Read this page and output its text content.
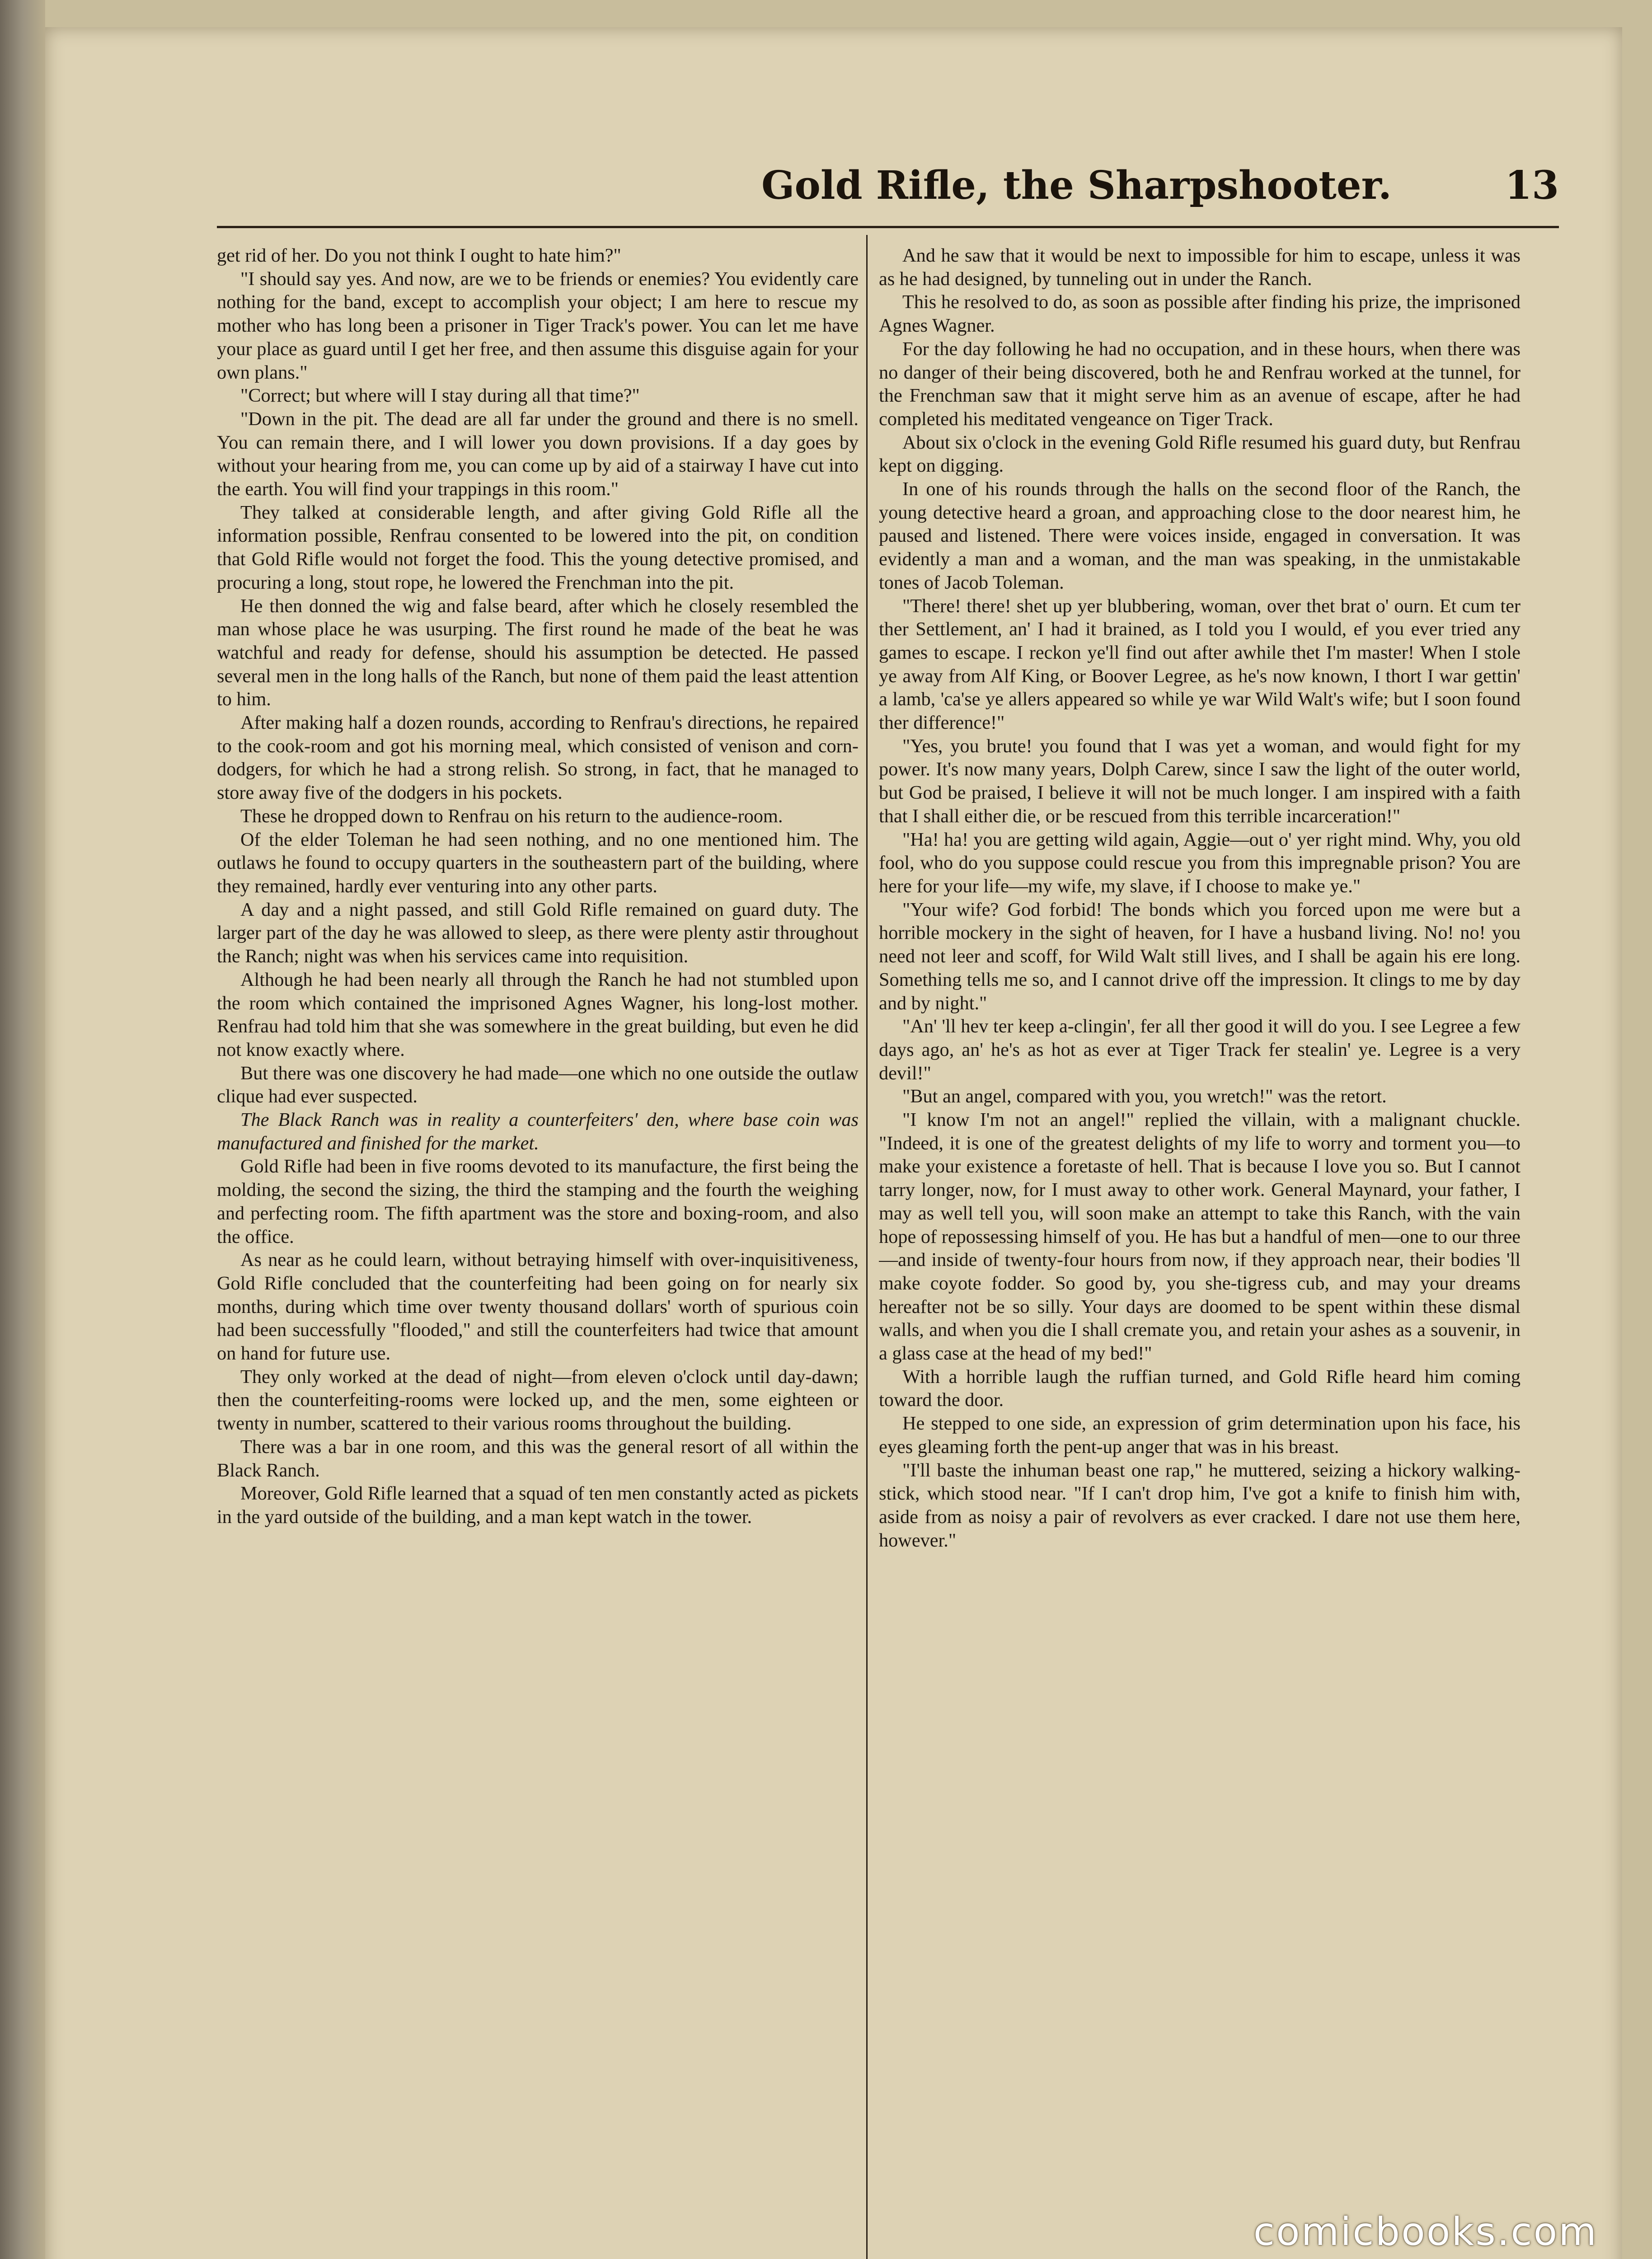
Gold Rifle, the Sharpshooter.	13

get rid of her. Do you not think I ought to hate him?"

"I should say yes. And now, are we to be friends or enemies? You evidently care nothing for the band, except to accomplish your object; I am here to rescue my mother who has long been a prisoner in Tiger Track's power. You can let me have your place as guard until I get her free, and then assume this disguise again for your own plans."

"Correct; but where will I stay during all that time?"

"Down in the pit. The dead are all far under the ground and there is no smell. You can remain there, and I will lower you down provisions. If a day goes by without your hearing from me, you can come up by aid of a stairway I have cut into the earth. You will find your trappings in this room."

They talked at considerable length, and after giving Gold Rifle all the information possible, Renfrau consented to be lowered into the pit, on condition that Gold Rifle would not forget the food. This the young detective promised, and procuring a long, stout rope, he lowered the Frenchman into the pit.

He then donned the wig and false beard, after which he closely resembled the man whose place he was usurping. The first round he made of the beat he was watchful and ready for defense, should his assumption be detected. He passed several men in the long halls of the Ranch, but none of them paid the least attention to him.

After making half a dozen rounds, according to Renfrau's directions, he repaired to the cook-room and got his morning meal, which consisted of venison and corn-dodgers, for which he had a strong relish. So strong, in fact, that he managed to store away five of the dodgers in his pockets.

These he dropped down to Renfrau on his return to the audience-room.

Of the elder Toleman he had seen nothing, and no one mentioned him. The outlaws he found to occupy quarters in the southeastern part of the building, where they remained, hardly ever venturing into any other parts.

A day and a night passed, and still Gold Rifle remained on guard duty. The larger part of the day he was allowed to sleep, as there were plenty astir throughout the Ranch; night was when his services came into requisition.

Although he had been nearly all through the Ranch he had not stumbled upon the room which contained the imprisoned Agnes Wagner, his long-lost mother. Renfrau had told him that she was somewhere in the great building, but even he did not know exactly where.

But there was one discovery he had made—one which no one outside the outlaw clique had ever suspected.

The Black Ranch was in reality a counterfeiters' den, where base coin was manufactured and finished for the market.

Gold Rifle had been in five rooms devoted to its manufacture, the first being the molding, the second the sizing, the third the stamping and the fourth the weighing and perfecting room. The fifth apartment was the store and boxing-room, and also the office.

As near as he could learn, without betraying himself with over-inquisitiveness, Gold Rifle concluded that the counterfeiting had been going on for nearly six months, during which time over twenty thousand dollars' worth of spurious coin had been successfully "flooded," and still the counterfeiters had twice that amount on hand for future use.

They only worked at the dead of night—from eleven o'clock until day-dawn; then the counterfeiting-rooms were locked up, and the men, some eighteen or twenty in number, scattered to their various rooms throughout the building.

There was a bar in one room, and this was the general resort of all within the Black Ranch.

Moreover, Gold Rifle learned that a squad of ten men constantly acted as pickets in the yard outside of the building, and a man kept watch in the tower.

And he saw that it would be next to impossible for him to escape, unless it was as he had designed, by tunneling out in under the Ranch.

This he resolved to do, as soon as possible after finding his prize, the imprisoned Agnes Wagner.

For the day following he had no occupation, and in these hours, when there was no danger of their being discovered, both he and Renfrau worked at the tunnel, for the Frenchman saw that it might serve him as an avenue of escape, after he had completed his meditated vengeance on Tiger Track.

About six o'clock in the evening Gold Rifle resumed his guard duty, but Renfrau kept on digging.

In one of his rounds through the halls on the second floor of the Ranch, the young detective heard a groan, and approaching close to the door nearest him, he paused and listened. There were voices inside, engaged in conversation. It was evidently a man and a woman, and the man was speaking, in the unmistakable tones of Jacob Toleman.

"There! there! shet up yer blubbering, woman, over thet brat o' ourn. Et cum ter ther Settlement, an' I had it brained, as I told you I would, ef you ever tried any games to escape. I reckon ye'll find out after awhile thet I'm master! When I stole ye away from Alf King, or Boover Legree, as he's now known, I thort I war gettin' a lamb, 'ca'se ye allers appeared so while ye war Wild Walt's wife; but I soon found ther difference!"

"Yes, you brute! you found that I was yet a woman, and would fight for my power. It's now many years, Dolph Carew, since I saw the light of the outer world, but God be praised, I believe it will not be much longer. I am inspired with a faith that I shall either die, or be rescued from this terrible incarceration!"

"Ha! ha! you are getting wild again, Aggie—out o' yer right mind. Why, you old fool, who do you suppose could rescue you from this impregnable prison? You are here for your life—my wife, my slave, if I choose to make ye."

"Your wife? God forbid! The bonds which you forced upon me were but a horrible mockery in the sight of heaven, for I have a husband living. No! no! you need not leer and scoff, for Wild Walt still lives, and I shall be again his ere long. Something tells me so, and I cannot drive off the impression. It clings to me by day and by night."

"An' 'll hev ter keep a-clingin', fer all ther good it will do you. I see Legree a few days ago, an' he's as hot as ever at Tiger Track fer stealin' ye. Legree is a very devil!"

"But an angel, compared with you, you wretch!" was the retort.

"I know I'm not an angel!" replied the villain, with a malignant chuckle. "Indeed, it is one of the greatest delights of my life to worry and torment you—to make your existence a foretaste of hell. That is because I love you so. But I cannot tarry longer, now, for I must away to other work. General Maynard, your father, I may as well tell you, will soon make an attempt to take this Ranch, with the vain hope of repossessing himself of you. He has but a handful of men—one to our three—and inside of twenty-four hours from now, if they approach near, their bodies 'll make coyote fodder. So good by, you she-tigress cub, and may your dreams hereafter not be so silly. Your days are doomed to be spent within these dismal walls, and when you die I shall cremate you, and retain your ashes as a souvenir, in a glass case at the head of my bed!"

With a horrible laugh the ruffian turned, and Gold Rifle heard him coming toward the door.

He stepped to one side, an expression of grim determination upon his face, his eyes gleaming forth the pent-up anger that was in his breast.

"I'll baste the inhuman beast one rap," he muttered, seizing a hickory walking-stick, which stood near. "If I can't drop him, I've got a knife to finish him with, aside from as noisy a pair of revolvers as ever cracked. I dare not use them here, however."

comicbooks.com
